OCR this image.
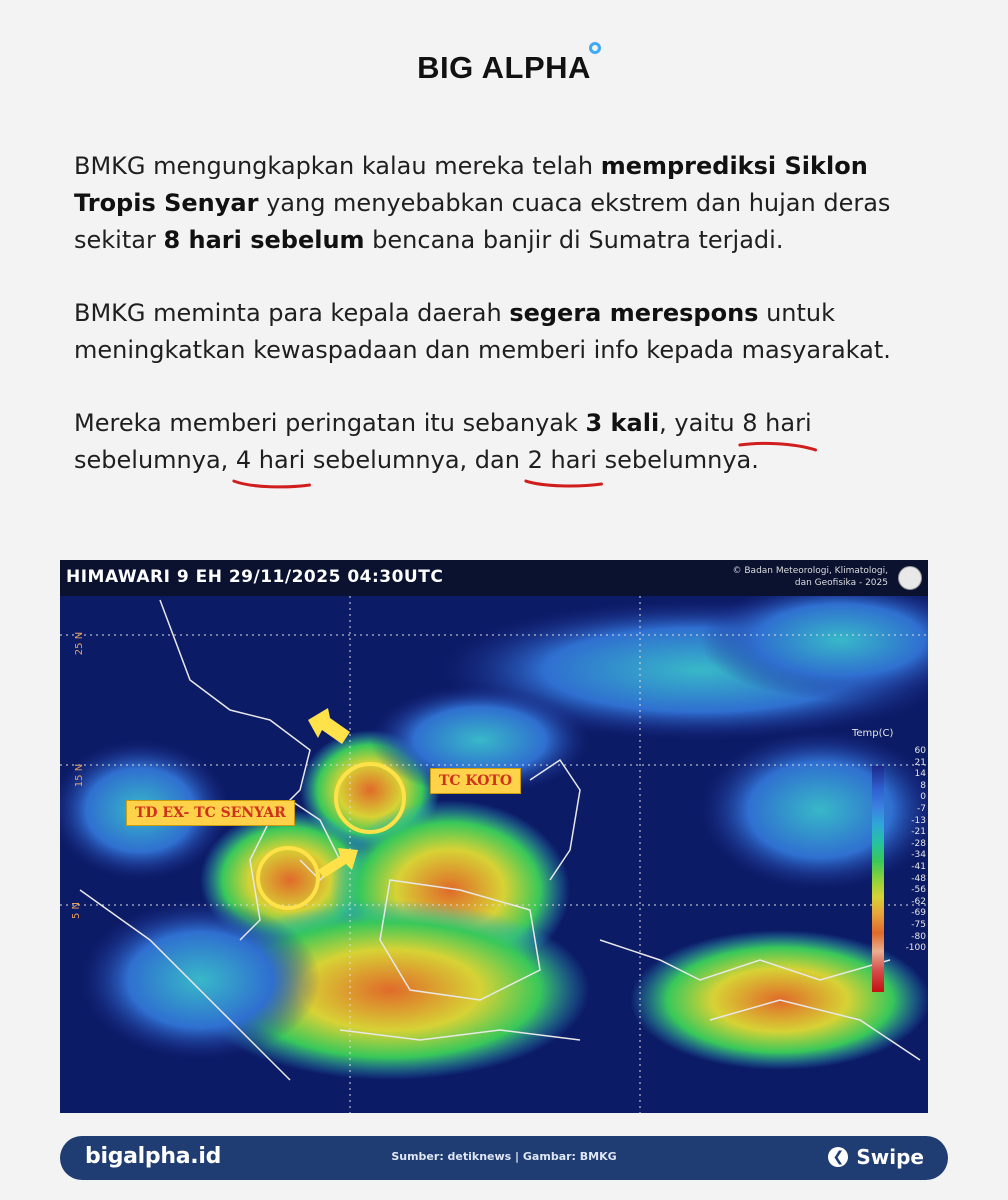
BIG ALPHA

BMKG mengungkapkan kalau mereka telah memprediksi Siklon Tropis Senyar yang menyebabkan cuaca ekstrem dan hujan deras sekitar 8 hari sebelum bencana banjir di Sumatra terjadi.

BMKG meminta para kepala daerah segera merespons untuk meningkatkan kewaspadaan dan memberi info kepada masyarakat.

Mereka memberi peringatan itu sebanyak 3 kali, yaitu 8 hari
sebelumnya, 4 hari
sebelumnya, dan 2 hari
sebelumnya.

HIMAWARI 9 EH 29/11/2025 04:30UTC	© Badan Meteorologi, Klimatologi,
dan Geofisika - 2025
25 N
15 N
5 N
TD EX- TC SENYAR
TC KOTO
Temp(C)
60
21
14
8
0
-7
-13
-21
-28
-34
-41
-48
-56
-62
-69
-75
-80
-100
bigalpha.id	Sumber: detiknews | Gambar: BMKG	❮ Swipe
